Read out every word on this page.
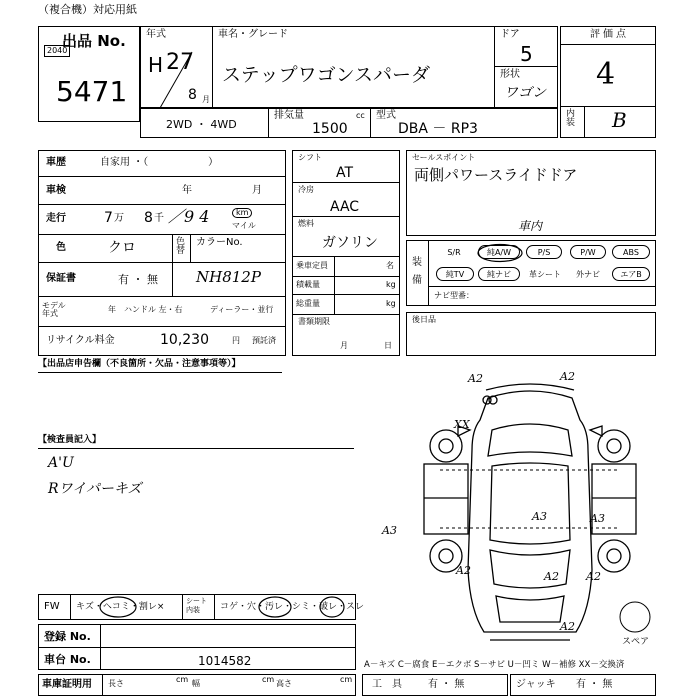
（複合機）対応用紙
出品 No.
2040
5471
年式
H 27
8 月
車名・グレード
ステップワゴンスパーダ
ドア
5
形状
ワゴン
評価点
4
内装 B
2WD ・ 4WD
排気量	cc
1500
型式
DBA － RP3
車歴	自家用 ・（　　　　　　）
車検	年	月
走行	7 万 8 千 ／9 4	km
マイル
色	クロ	色替
カラーNo.
NH812P
保証書	有 ・ 無
モデル年式	年 ハンドル 左・右	ディーラー・並行
リサイクル料金	10,230	円 預託済
シフト
AT
冷房
AAC
燃料
ガソリン
乗車定員	名
積載量	kg
総重量	kg
書類期限
月	日
セールスポイント
両側パワースライドドア
車内
装備
ナビ型番：
S/R	純A/W	P/S	P/W	ABS
純TV	純ナビ	革シート	外ナビ	エアB
後日品
【出品店申告欄（不良箇所・欠品・注意事項等）】
【検査員記入】
A'U
Rワイパーキズ
FW キズ・ヘコミ・割レ×
シート内装	コゲ・穴・汚レ・シミ・破レ・スレ
登録 No.
車台 No.	1014582
車庫証明用 長さ	cm 幅	cm 高さ	cm
A－キズ C－腐食 E－エクボ S－サビ U－凹ミ W－補修 XX－交換済
工　具	有 ・ 無	ジャッキ 有 ・ 無
スペア
A2	A2
XX
A3
A3	A3
A2	A2 A2
A2
